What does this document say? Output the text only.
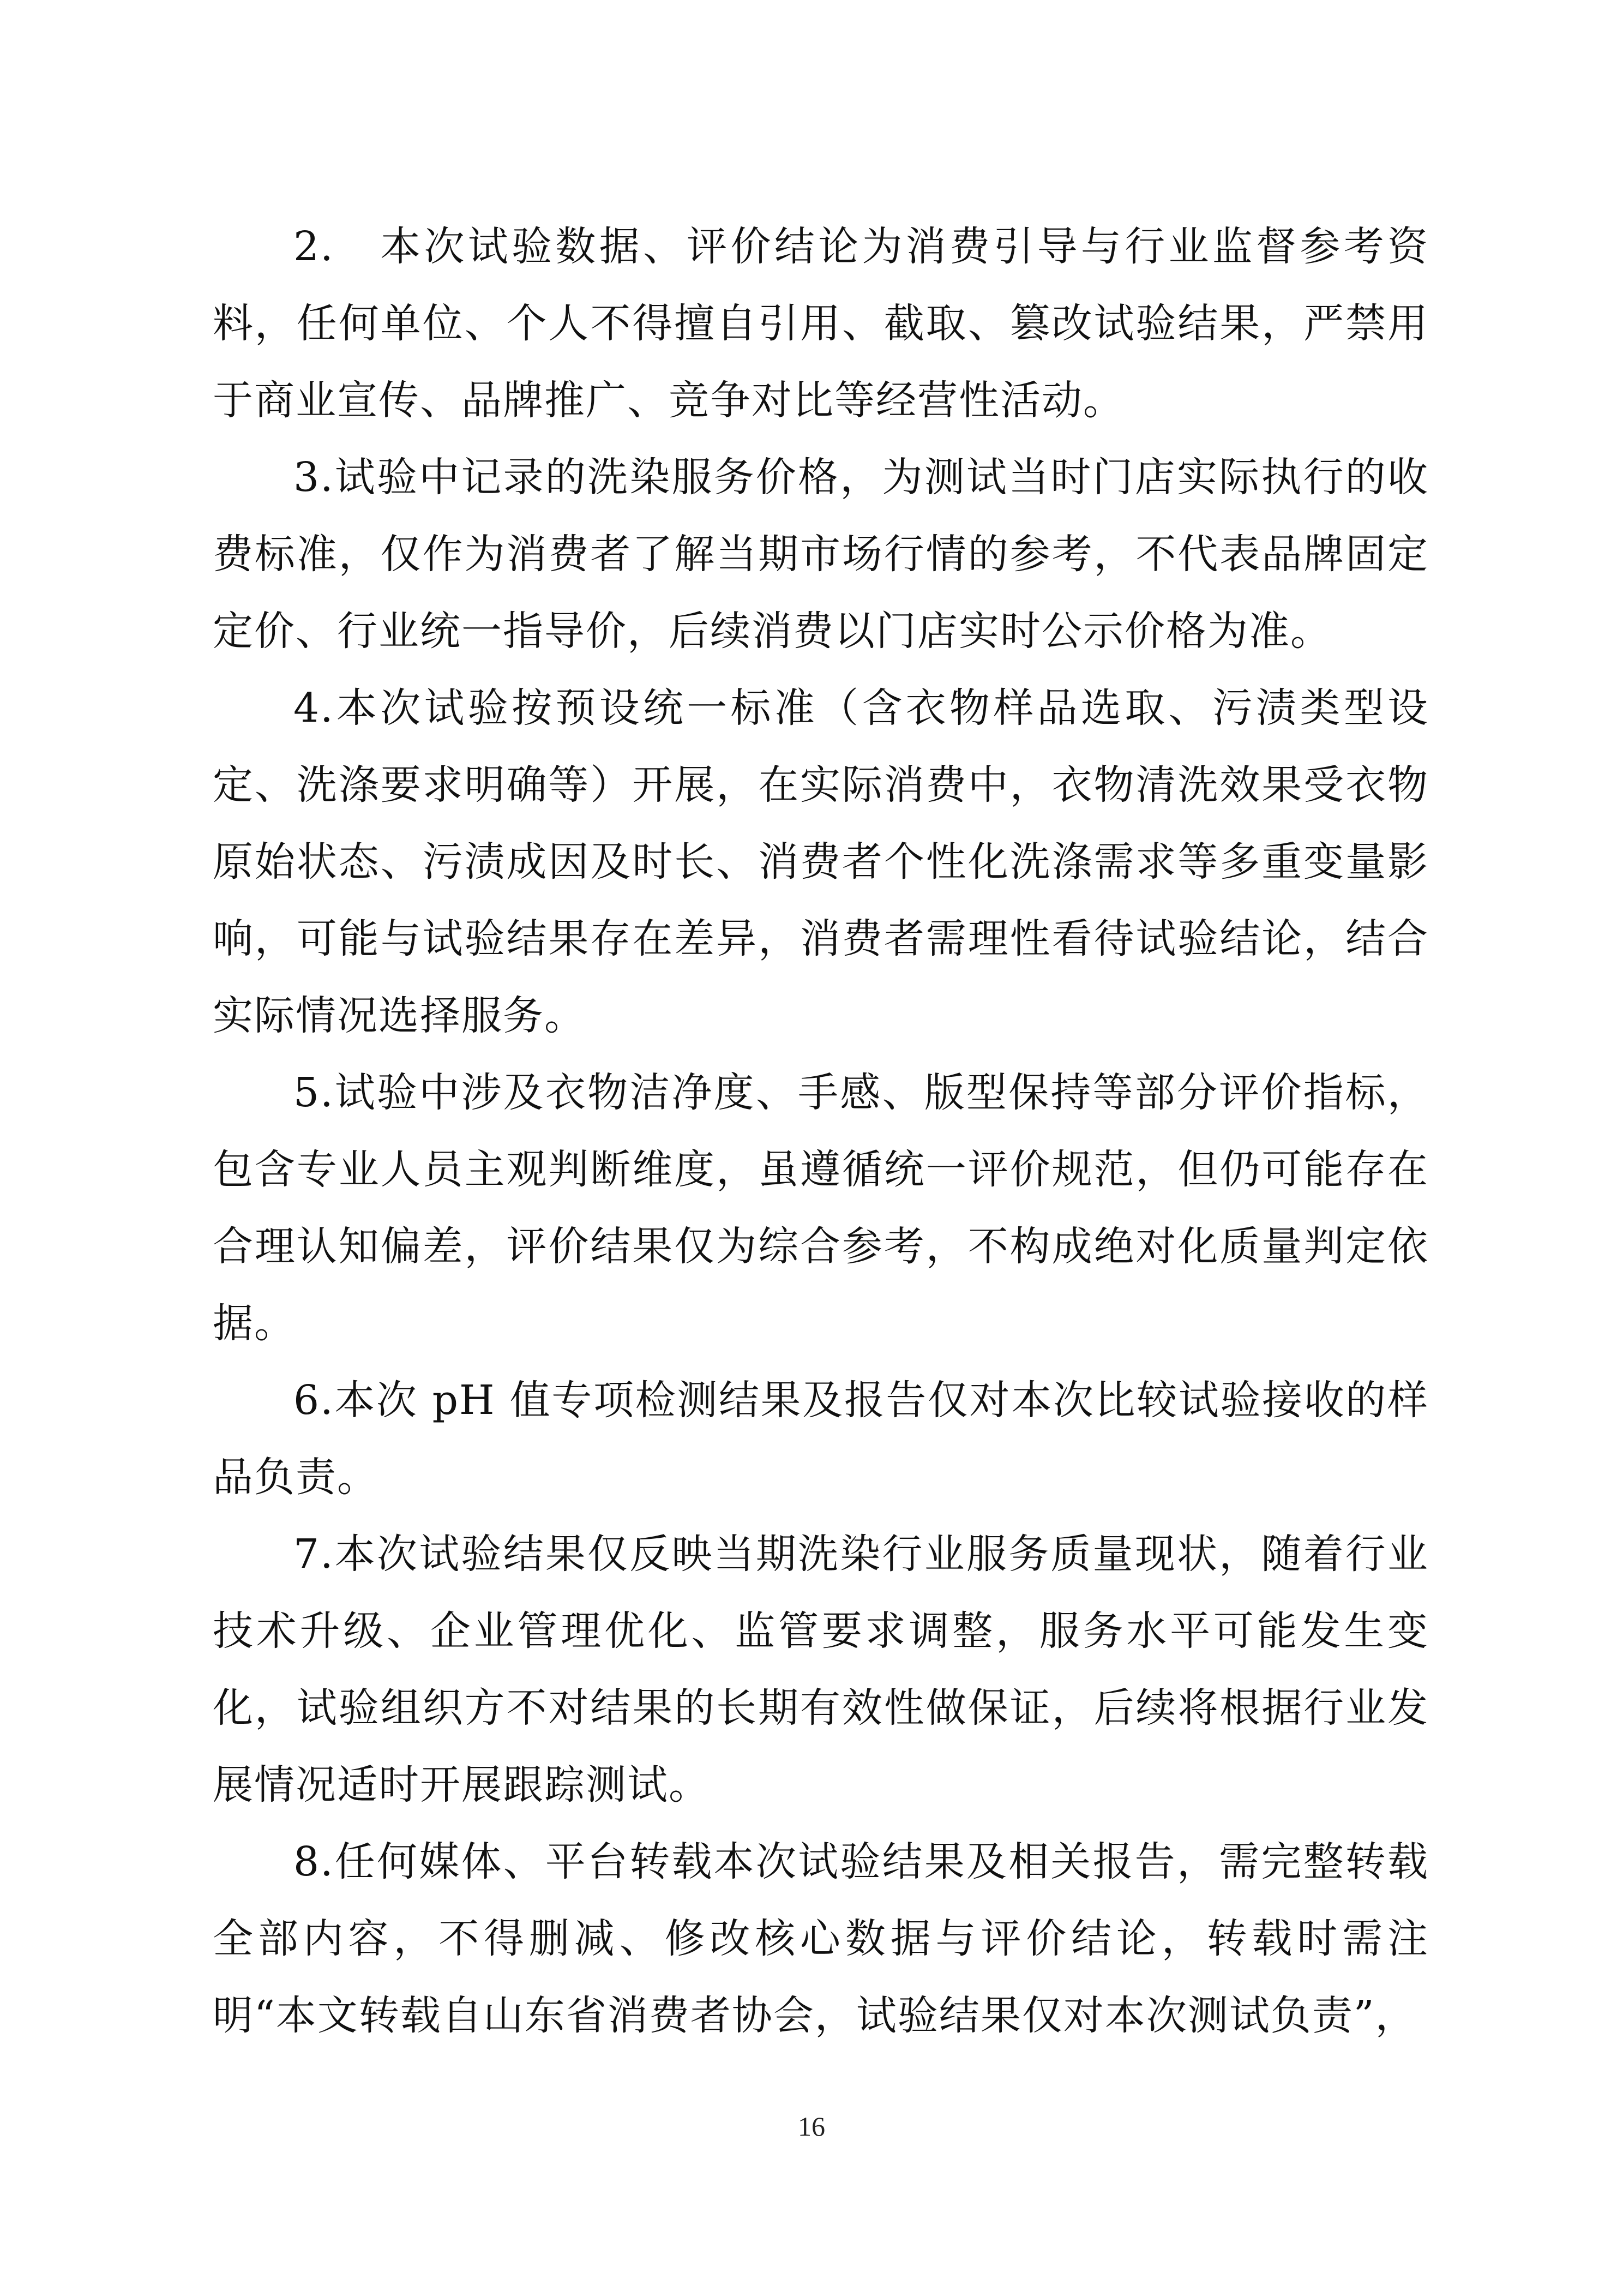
2.　本次试验数据、评价结论为消费引导与行业监督参考资料，任何单位、个人不得擅自引用、截取、篡改试验结果，严禁用于商业宣传、品牌推广、竞争对比等经营性活动。

3.试验中记录的洗染服务价格，为测试当时门店实际执行的收费标准，仅作为消费者了解当期市场行情的参考，不代表品牌固定定价、行业统一指导价，后续消费以门店实时公示价格为准。

4.本次试验按预设统一标准（含衣物样品选取、污渍类型设定、洗涤要求明确等）开展，在实际消费中，衣物清洗效果受衣物原始状态、污渍成因及时长、消费者个性化洗涤需求等多重变量影响，可能与试验结果存在差异，消费者需理性看待试验结论，结合实际情况选择服务。

5.试验中涉及衣物洁净度、手感、版型保持等部分评价指标，包含专业人员主观判断维度，虽遵循统一评价规范，但仍可能存在合理认知偏差，评价结果仅为综合参考，不构成绝对化质量判定依据。

6.本次 pH 值专项检测结果及报告仅对本次比较试验接收的样品负责。

7.本次试验结果仅反映当期洗染行业服务质量现状，随着行业技术升级、企业管理优化、监管要求调整，服务水平可能发生变化，试验组织方不对结果的长期有效性做保证，后续将根据行业发展情况适时开展跟踪测试。

8.任何媒体、平台转载本次试验结果及相关报告，需完整转载全部内容，不得删减、修改核心数据与评价结论，转载时需注明“本文转载自山东省消费者协会，试验结果仅对本次测试负责”，

16
